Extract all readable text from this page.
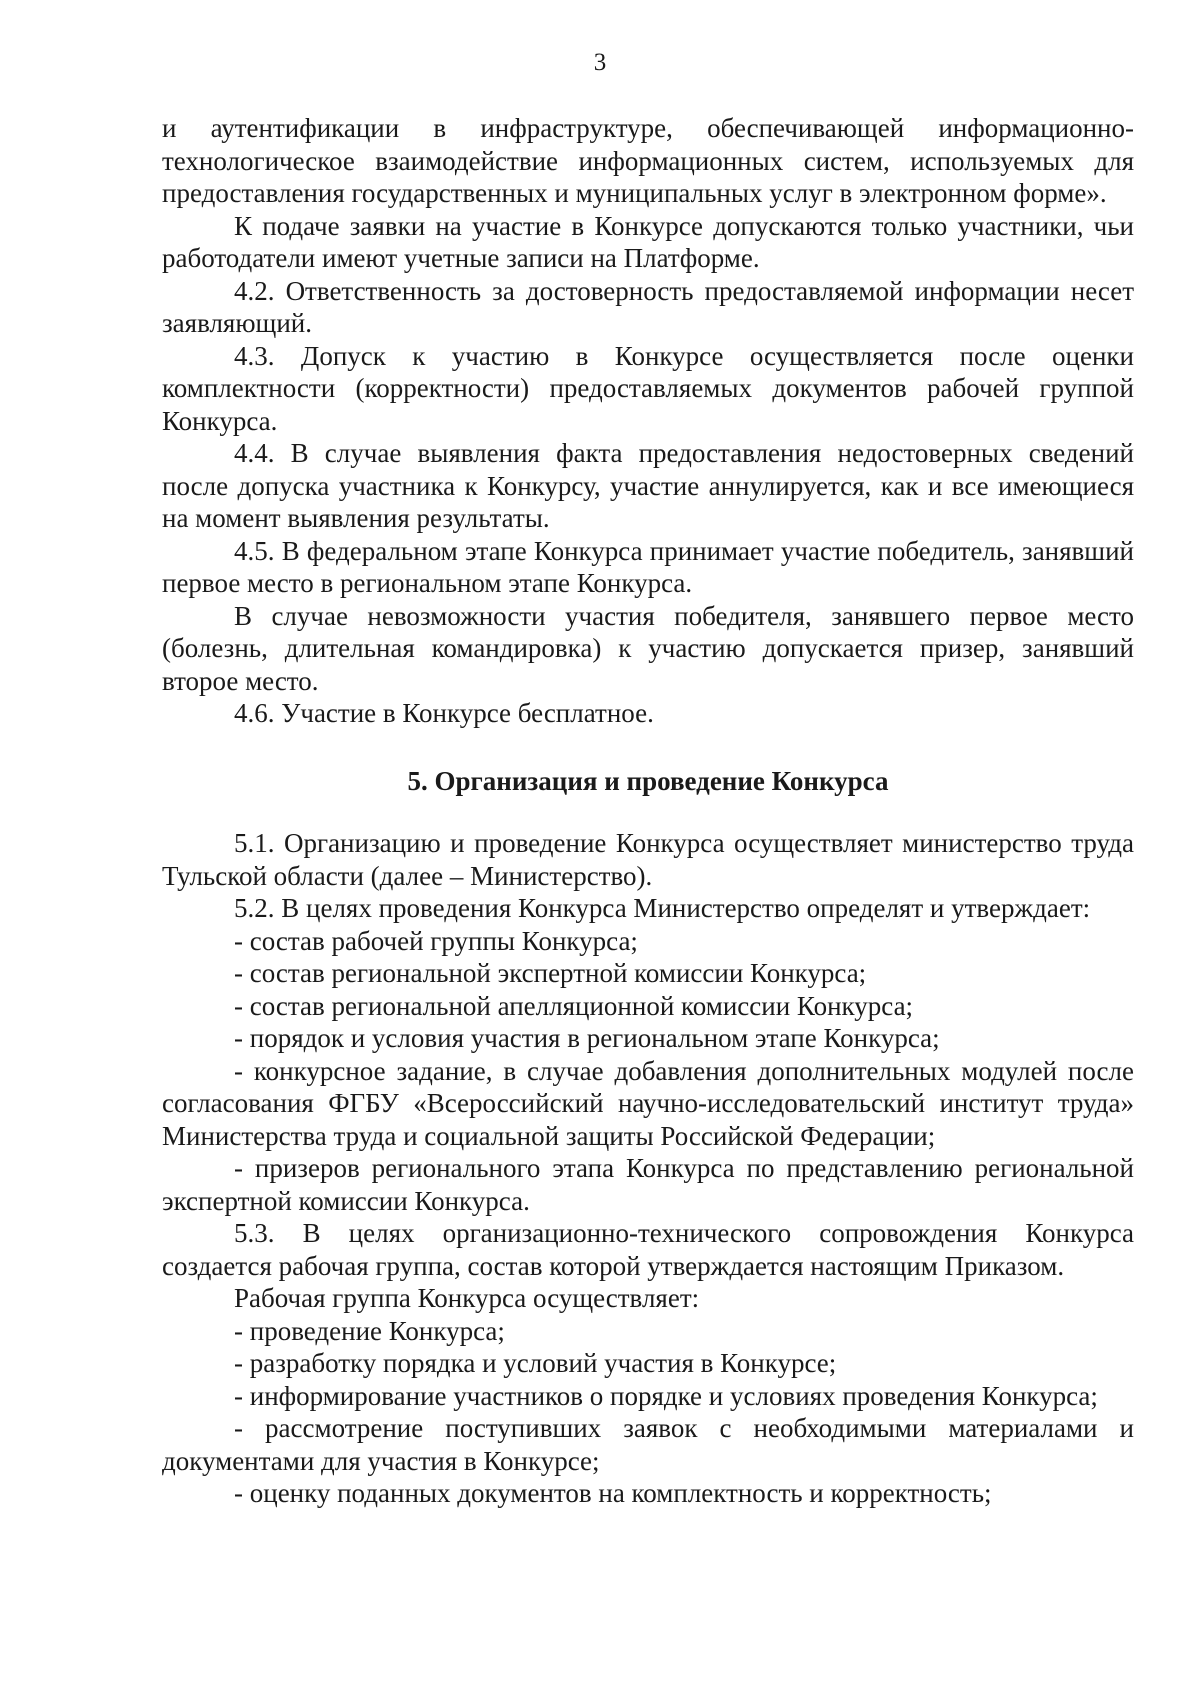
3

и аутентификации в инфраструктуре, обеспечивающей информационно-технологическое взаимодействие информационных систем, используемых для предоставления государственных и муниципальных услуг в электронном форме».

К подаче заявки на участие в Конкурсе допускаются только участники, чьи работодатели имеют учетные записи на Платформе.

4.2. Ответственность за достоверность предоставляемой информации несет заявляющий.

4.3. Допуск к участию в Конкурсе осуществляется после оценки комплектности (корректности) предоставляемых документов рабочей группой Конкурса.

4.4. В случае выявления факта предоставления недостоверных сведений после допуска участника к Конкурсу, участие аннулируется, как и все имеющиеся на момент выявления результаты.

4.5. В федеральном этапе Конкурса принимает участие победитель, занявший первое место в региональном этапе Конкурса.

В случае невозможности участия победителя, занявшего первое место (болезнь, длительная командировка) к участию допускается призер, занявший второе место.

4.6. Участие в Конкурсе бесплатное.

5. Организация и проведение Конкурса

5.1. Организацию и проведение Конкурса осуществляет министерство труда Тульской области (далее – Министерство).

5.2. В целях проведения Конкурса Министерство определят и утверждает:

- состав рабочей группы Конкурса;

- состав региональной экспертной комиссии Конкурса;

- состав региональной апелляционной комиссии Конкурса;

- порядок и условия участия в региональном этапе Конкурса;

- конкурсное задание, в случае добавления дополнительных модулей после согласования ФГБУ «Всероссийский научно-исследовательский институт труда» Министерства труда и социальной защиты Российской Федерации;

- призеров регионального этапа Конкурса по представлению региональной экспертной комиссии Конкурса.

5.3. В целях организационно-технического сопровождения Конкурса создается рабочая группа, состав которой утверждается настоящим Приказом.

Рабочая группа Конкурса осуществляет:

- проведение Конкурса;

- разработку порядка и условий участия в Конкурсе;

- информирование участников о порядке и условиях проведения Конкурса;

- рассмотрение поступивших заявок с необходимыми материалами и документами для участия в Конкурсе;

- оценку поданных документов на комплектность и корректность;
